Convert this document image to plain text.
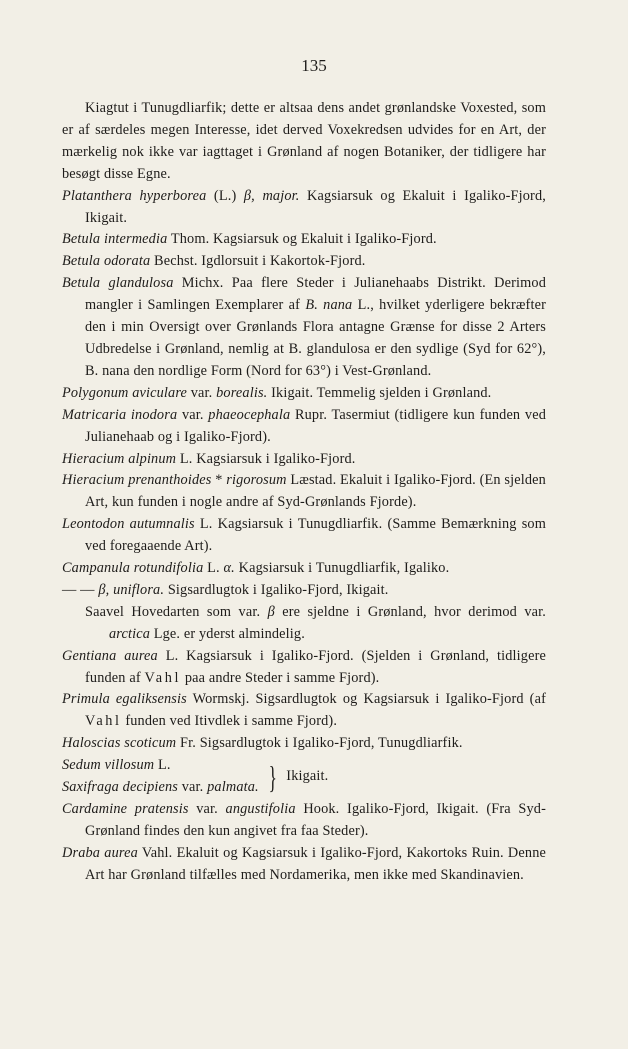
135

Kiagtut i Tunugdliarfik; dette er altsaa dens andet grønlandske Voxested, som er af særdeles megen Interesse, idet derved Voxekredsen udvides for en Art, der mærkelig nok ikke var iagttaget i Grønland af nogen Botaniker, der tidligere har besøgt disse Egne.

Platanthera hyperborea (L.) β, major. Kagsiarsuk og Ekaluit i Igaliko-Fjord, Ikigait.

Betula intermedia Thom. Kagsiarsuk og Ekaluit i Igaliko-Fjord.

Betula odorata Bechst. Igdlorsuit i Kakortok-Fjord.

Betula glandulosa Michx. Paa flere Steder i Julianehaabs Distrikt. Derimod mangler i Samlingen Exemplarer af B. nana L., hvilket yderligere bekræfter den i min Oversigt over Grønlands Flora antagne Grænse for disse 2 Arters Udbredelse i Grønland, nemlig at B. glandulosa er den sydlige (Syd for 62°), B. nana den nordlige Form (Nord for 63°) i Vest-Grønland.

Polygonum aviculare var. borealis. Ikigait. Temmelig sjelden i Grønland.

Matricaria inodora var. phaeocephala Rupr. Tasermiut (tidligere kun funden ved Julianehaab og i Igaliko-Fjord).

Hieracium alpinum L. Kagsiarsuk i Igaliko-Fjord.

Hieracium prenanthoides * rigorosum Læstad. Ekaluit i Igaliko-Fjord. (En sjelden Art, kun funden i nogle andre af Syd-Grønlands Fjorde).

Leontodon autumnalis L. Kagsiarsuk i Tunugdliarfik. (Samme Bemærkning som ved foregaaende Art).

Campanula rotundifolia L. α. Kagsiarsuk i Tunugdliarfik, Igaliko.

— — β, uniflora. Sigsardlugtok i Igaliko-Fjord, Ikigait.

Saavel Hovedarten som var. β ere sjeldne i Grønland, hvor derimod var. arctica Lge. er yderst almindelig.

Gentiana aurea L. Kagsiarsuk i Igaliko-Fjord. (Sjelden i Grønland, tidligere funden af Vahl paa andre Steder i samme Fjord).

Primula egaliksensis Wormskj. Sigsardlugtok og Kagsiarsuk i Igaliko-Fjord (af Vahl funden ved Itivdlek i samme Fjord).

Haloscias scoticum Fr. Sigsardlugtok i Igaliko-Fjord, Tunugdliarfik.

Sedum villosum L.

Saxifraga decipiens var. palmata. } Ikigait.

Cardamine pratensis var. angustifolia Hook. Igaliko-Fjord, Ikigait. (Fra Syd-Grønland findes den kun angivet fra faa Steder).

Draba aurea Vahl. Ekaluit og Kagsiarsuk i Igaliko-Fjord, Kakortoks Ruin. Denne Art har Grønland tilfælles med Nordamerika, men ikke med Skandinavien.
